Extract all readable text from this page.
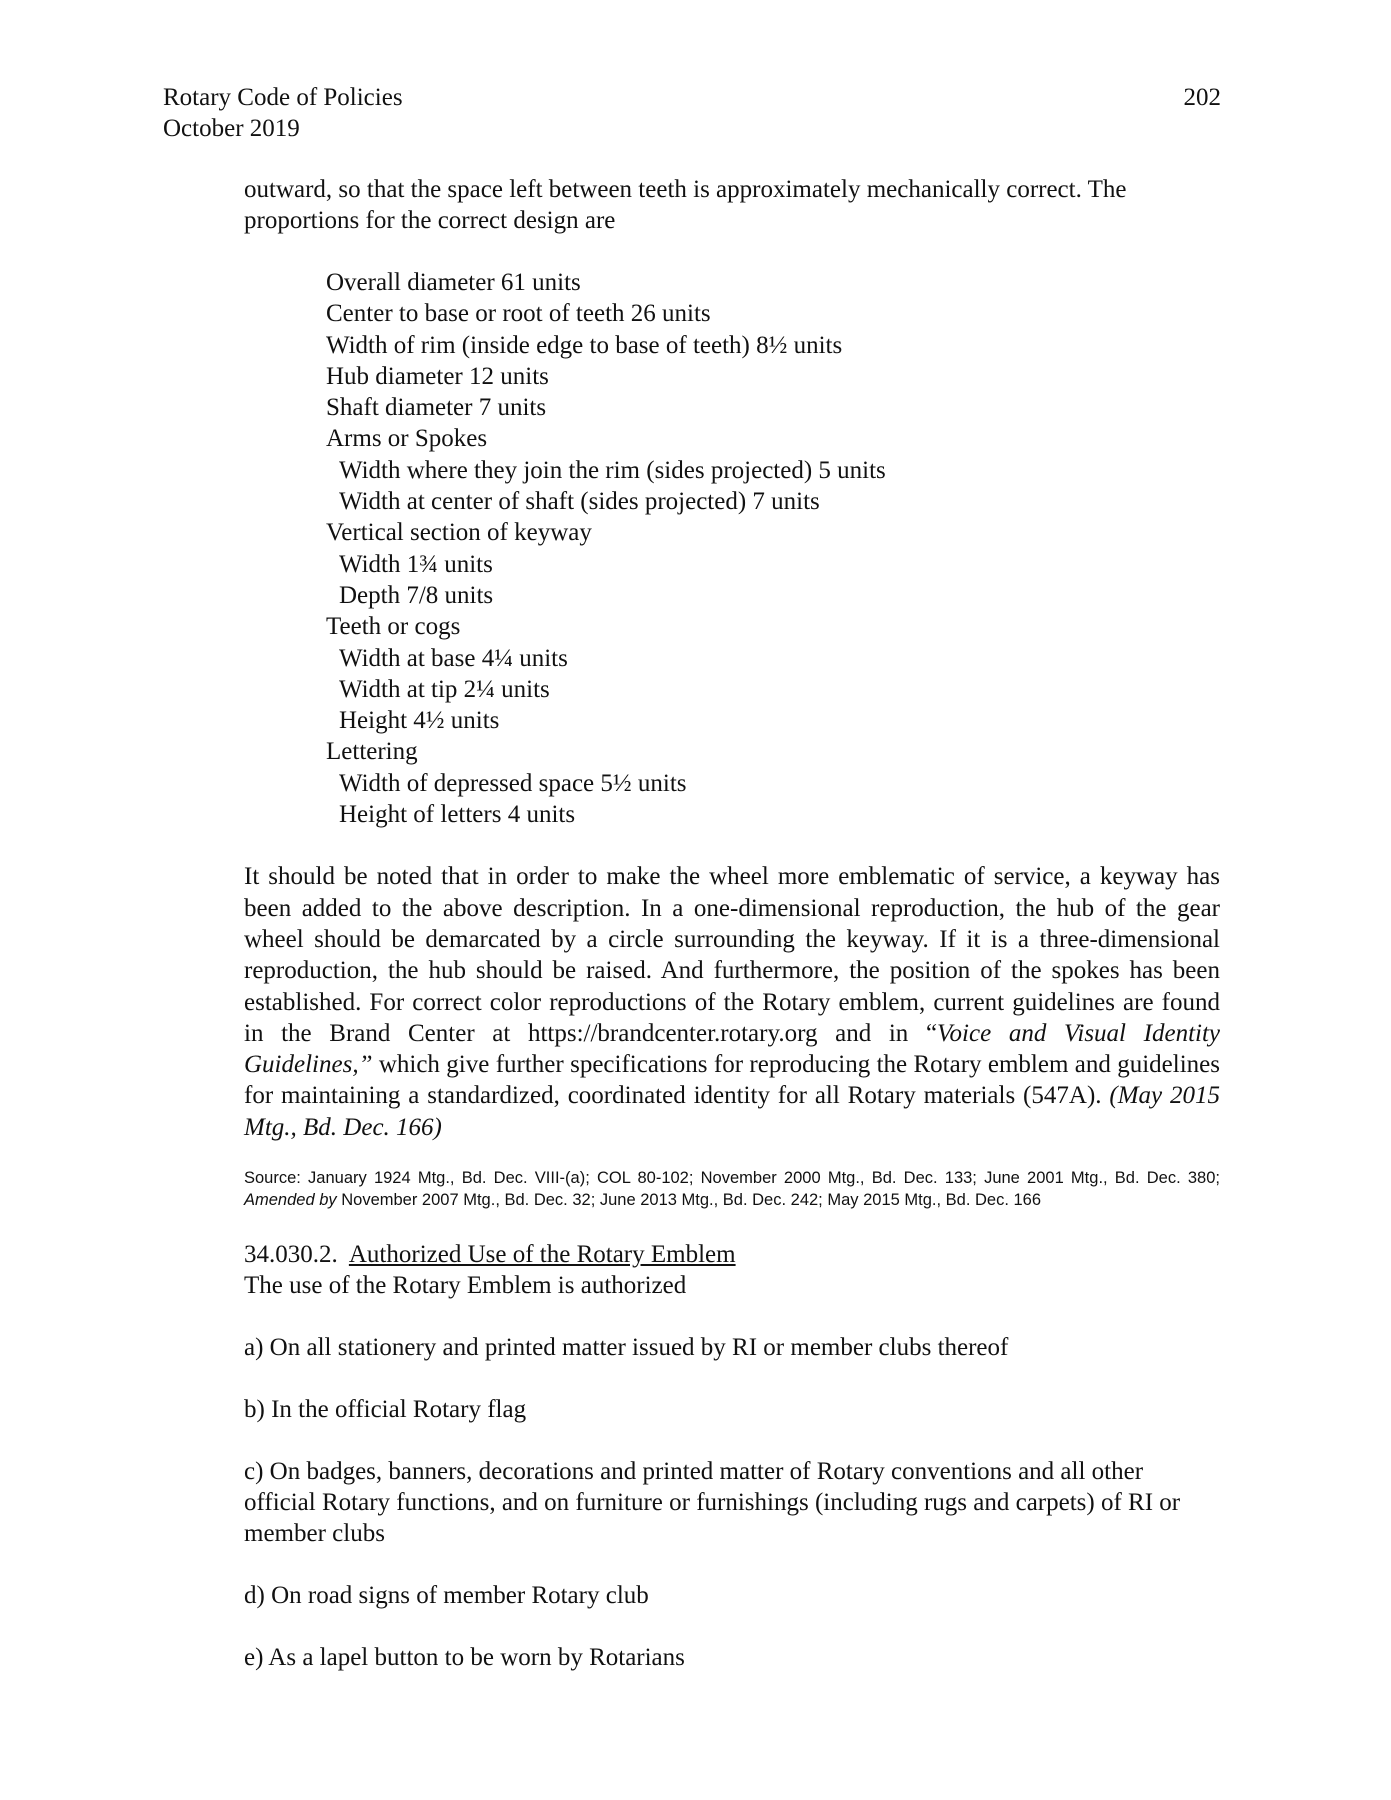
Rotary Code of Policies
October 2019
202

outward, so that the space left between teeth is approximately mechanically correct. The proportions for the correct design are

Overall diameter 61 units
Center to base or root of teeth 26 units
Width of rim (inside edge to base of teeth) 8½ units
Hub diameter 12 units
Shaft diameter 7 units
Arms or Spokes
Width where they join the rim (sides projected) 5 units
Width at center of shaft (sides projected) 7 units
Vertical section of keyway
Width 1¾ units
Depth 7/8 units
Teeth or cogs
Width at base 4¼ units
Width at tip 2¼ units
Height 4½ units
Lettering
Width of depressed space 5½ units
Height of letters 4 units

It should be noted that in order to make the wheel more emblematic of service, a keyway has been added to the above description. In a one-dimensional reproduction, the hub of the gear wheel should be demarcated by a circle surrounding the keyway. If it is a three-dimensional reproduction, the hub should be raised. And furthermore, the position of the spokes has been established. For correct color reproductions of the Rotary emblem, current guidelines are found in the Brand Center at https://brandcenter.rotary.org and in “Voice and Visual Identity Guidelines,” which give further specifications for reproducing the Rotary emblem and guidelines for maintaining a standardized, coordinated identity for all Rotary materials (547A). (May 2015 Mtg., Bd. Dec. 166)

Source: January 1924 Mtg., Bd. Dec. VIII-(a); COL 80-102; November 2000 Mtg., Bd. Dec. 133; June 2001 Mtg., Bd. Dec. 380; Amended by November 2007 Mtg., Bd. Dec. 32; June 2013 Mtg., Bd. Dec. 242; May 2015 Mtg., Bd. Dec. 166

34.030.2. Authorized Use of the Rotary Emblem

The use of the Rotary Emblem is authorized

a) On all stationery and printed matter issued by RI or member clubs thereof

b) In the official Rotary flag

c) On badges, banners, decorations and printed matter of Rotary conventions and all other official Rotary functions, and on furniture or furnishings (including rugs and carpets) of RI or member clubs

d) On road signs of member Rotary club

e) As a lapel button to be worn by Rotarians
